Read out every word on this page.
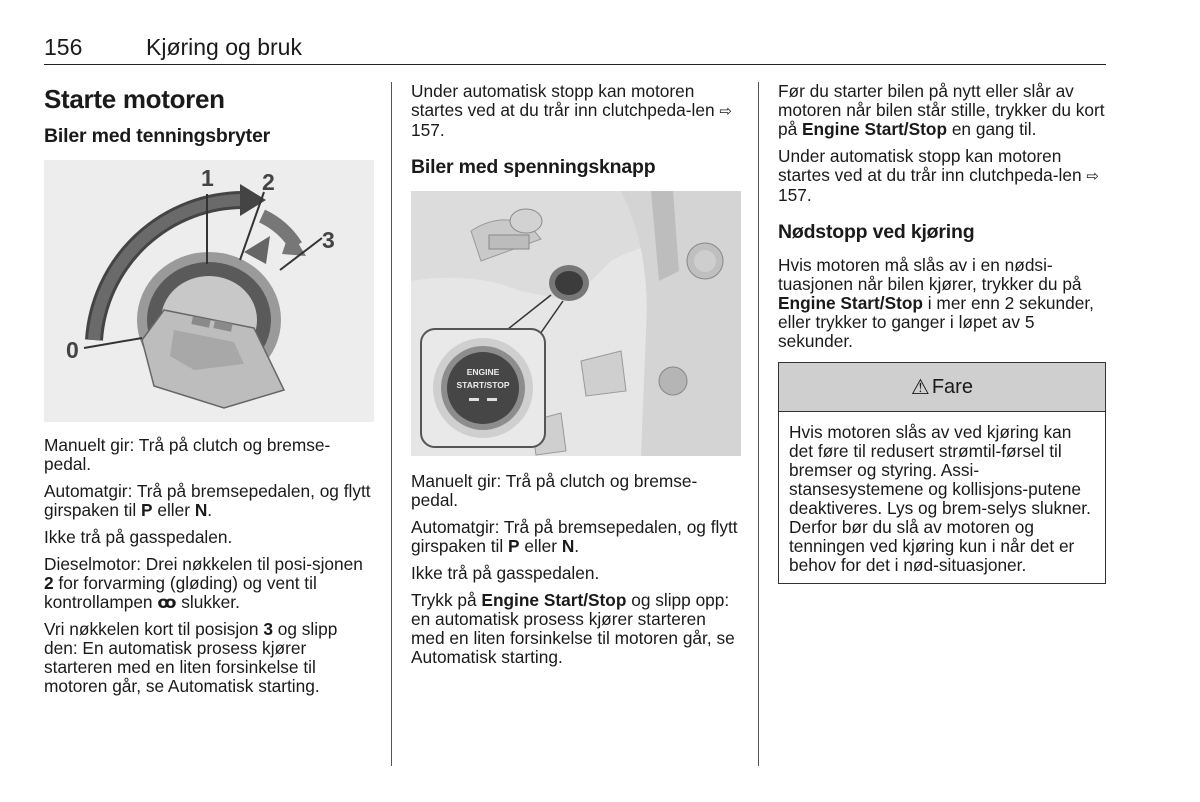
156	Kjøring og bruk
Starte motoren
Biler med tenningsbryter
1 2
3
0

Manuelt gir: Trå på clutch og bremse-pedal.

Automatgir: Trå på bremsepedalen, og flytt girspaken til P eller N.

Ikke trå på gasspedalen.

Dieselmotor: Drei nøkkelen til posi-sjonen 2 for forvarming (gløding) og vent til kontrollampen ꝏ slukker.

Vri nøkkelen kort til posisjon 3 og slipp den: En automatisk prosess kjører starteren med en liten forsinkelse til motoren går, se Automatisk starting.

Under automatisk stopp kan motoren startes ved at du trår inn clutchpeda-len ⇨ 157.

Biler med spenningsknapp
ENGINE
START/STOP

Manuelt gir: Trå på clutch og bremse-pedal.

Automatgir: Trå på bremsepedalen, og flytt girspaken til P eller N.

Ikke trå på gasspedalen.

Trykk på Engine Start/Stop og slipp opp: en automatisk prosess kjører starteren med en liten forsinkelse til motoren går, se Automatisk starting.

Før du starter bilen på nytt eller slår av motoren når bilen står stille, trykker du kort på Engine Start/Stop en gang til.

Under automatisk stopp kan motoren startes ved at du trår inn clutchpeda-len ⇨ 157.

Nødstopp ved kjøring

Hvis motoren må slås av i en nødsi-tuasjonen når bilen kjører, trykker du på Engine Start/Stop i mer enn 2 sekunder, eller trykker to ganger i løpet av 5 sekunder.

⚠ Fare

Hvis motoren slås av ved kjøring kan det føre til redusert strømtil-førsel til bremser og styring. Assi-stansesystemene og kollisjons-putene deaktiveres. Lys og brem-selys slukner. Derfor bør du slå av motoren og tenningen ved kjøring kun i når det er behov for det i nød-situasjoner.
